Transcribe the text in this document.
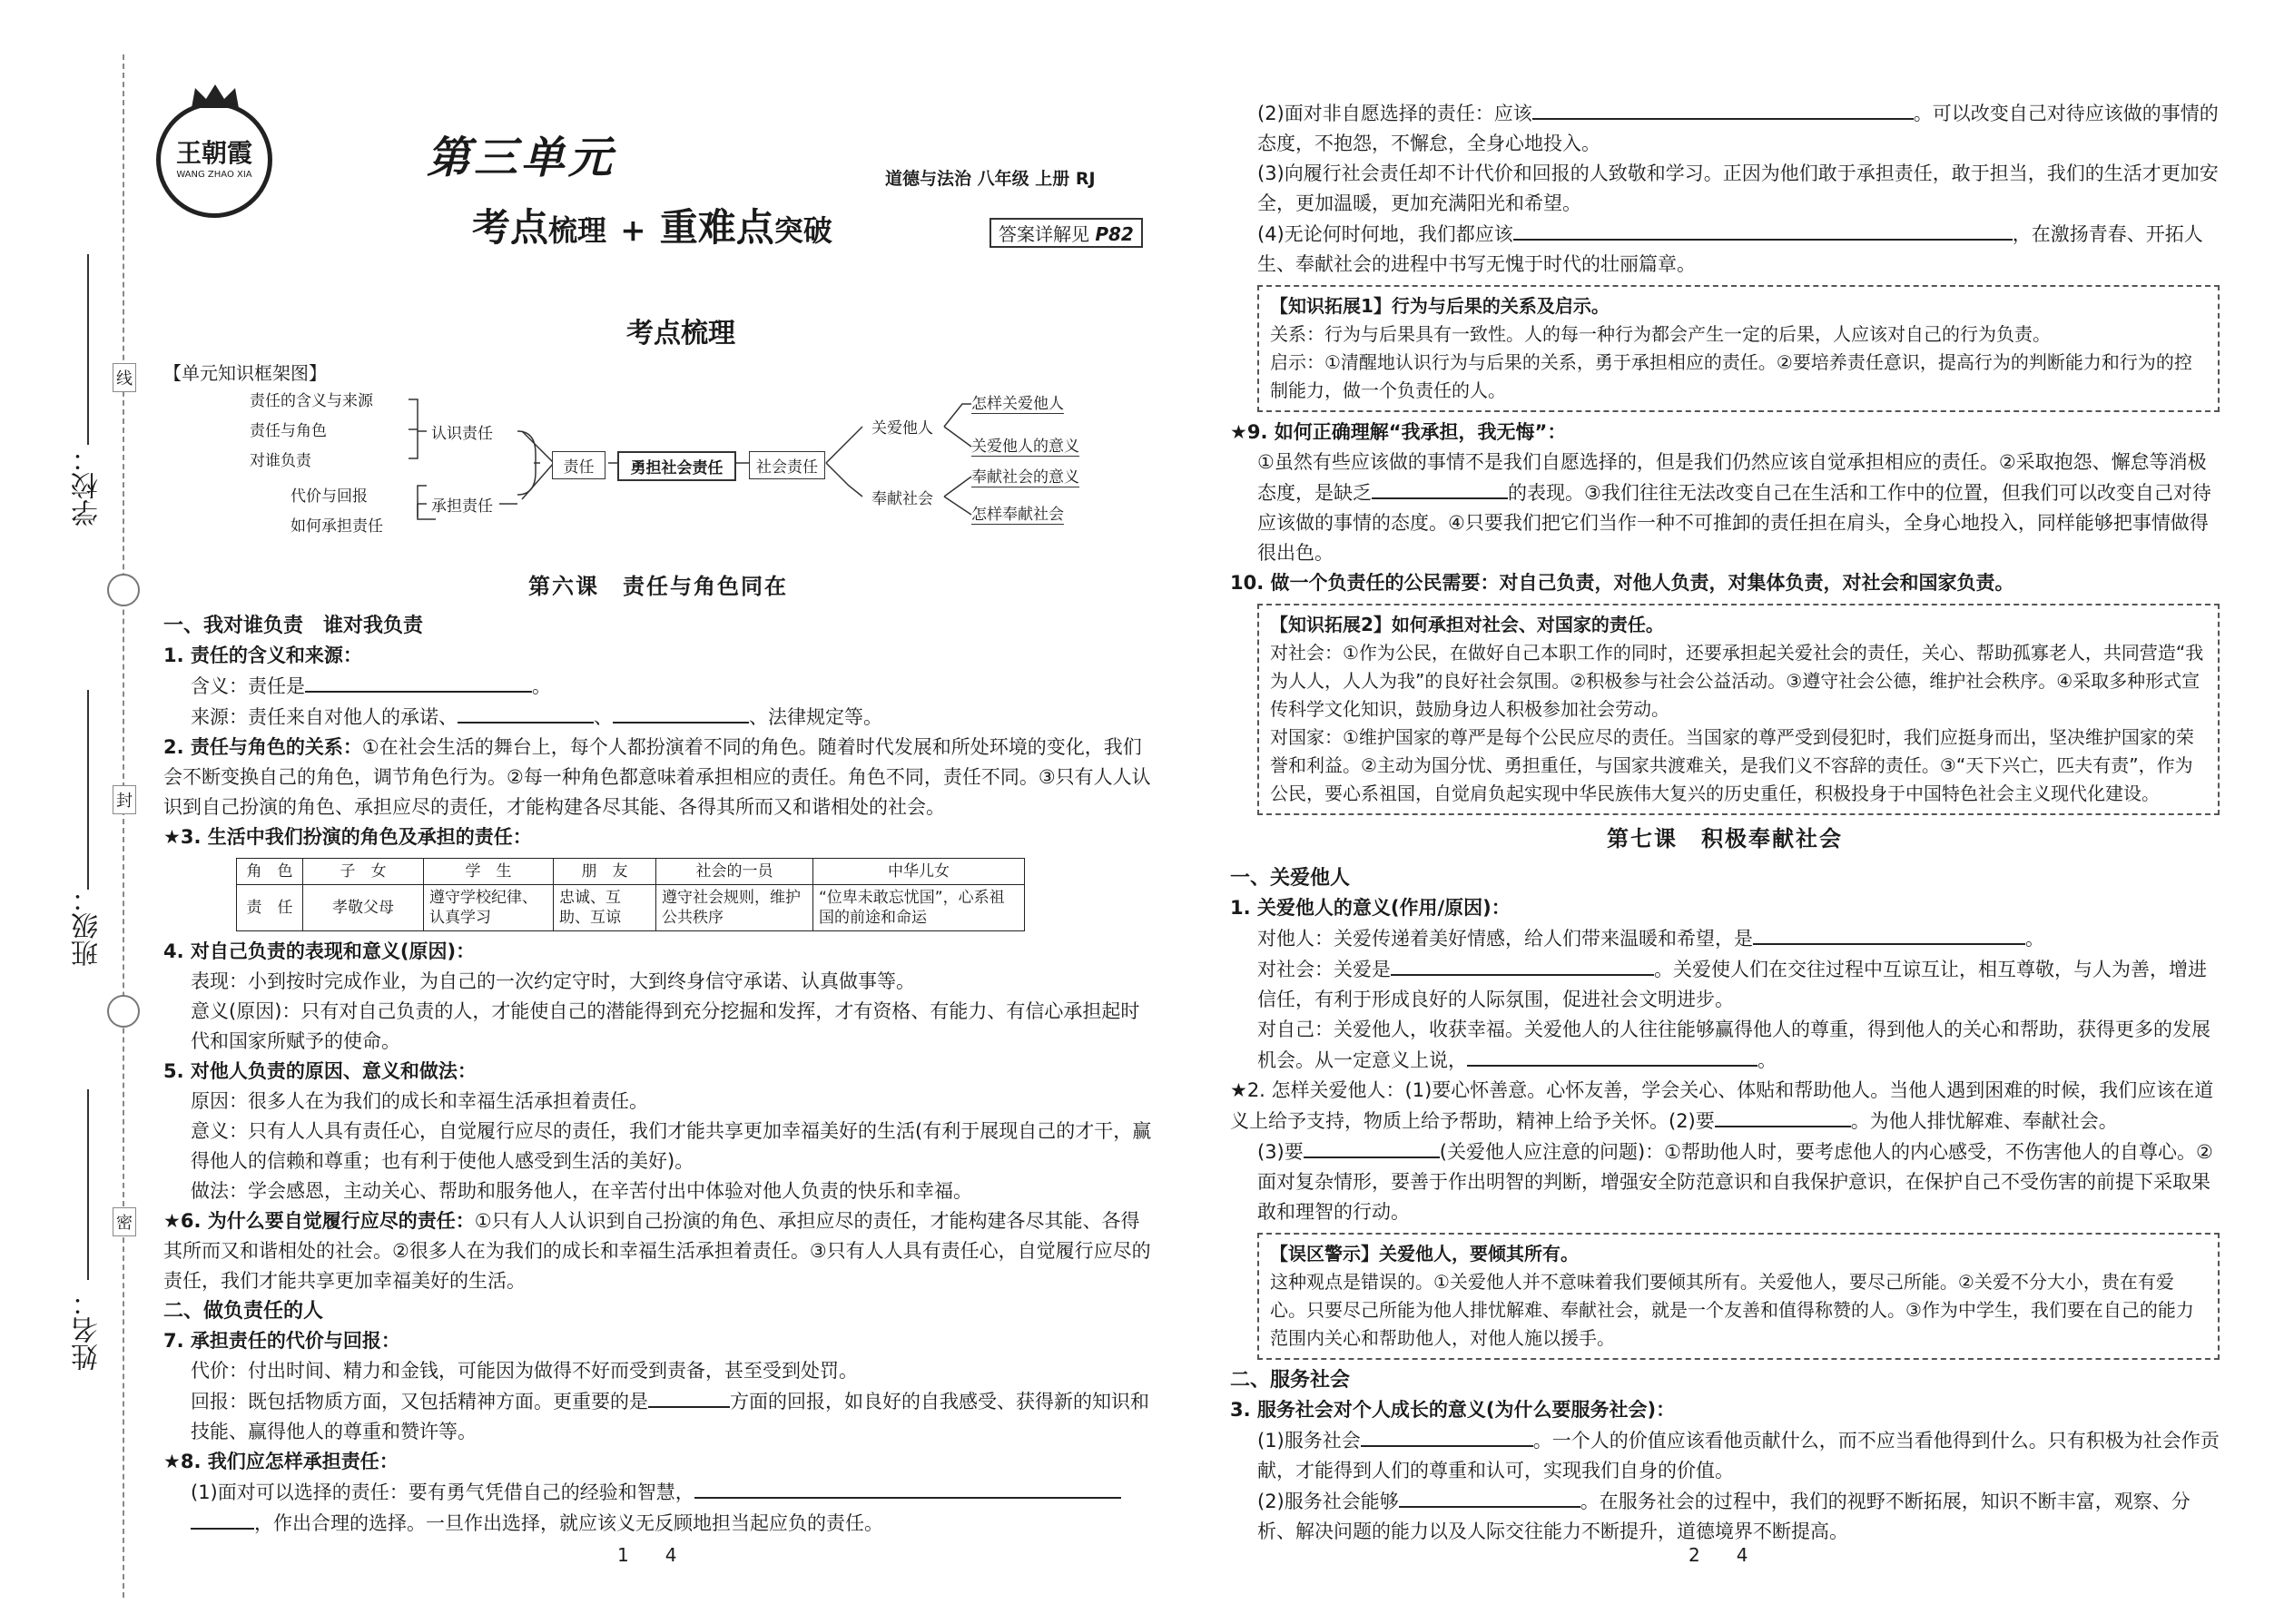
学校：
班级：
姓名：
线
封
密
王朝霞
WANG ZHAO XIA	第三单元	道德与法治 八年级 上册 RJ
考点梳理 + 重难点突破	答案详解见 P82
考点梳理
【单元知识框架图】
责任的含义与来源
责任与角色
对谁负责
代价与回报
如何承担责任
认识责任
承担责任
责任	勇担社会责任	社会责任
关爱他人
奉献社会
怎样关爱他人
关爱他人的意义
奉献社会的意义
怎样奉献社会
第六课　责任与角色同在
一、我对谁负责　谁对我负责
1. 责任的含义和来源：
含义：责任是	。
来源：责任来自对他人的承诺、	、	、法律规定等。
2. 责任与角色的关系：①在社会生活的舞台上，每个人都扮演着不同的角色。随着时代发展和所处环境的变化，我们会不断变换自己的角色，调节角色行为。②每一种角色都意味着承担相应的责任。角色不同，责任不同。③只有人人认识到自己扮演的角色、承担应尽的责任，才能构建各尽其能、各得其所而又和谐相处的社会。
★3. 生活中我们扮演的角色及承担的责任：
角　色	子　女	学　生	朋　友	社会的一员	中华儿女
责　任	孝敬父母	遵守学校纪律、认真学习	忠诚、互助、互谅	遵守社会规则，维护公共秩序	“位卑未敢忘忧国”，心系祖国的前途和命运
4. 对自己负责的表现和意义(原因)：
表现：小到按时完成作业，为自己的一次约定守时，大到终身信守承诺、认真做事等。
意义(原因)：只有对自己负责的人，才能使自己的潜能得到充分挖掘和发挥，才有资格、有能力、有信心承担起时代和国家所赋予的使命。
5. 对他人负责的原因、意义和做法：
原因：很多人在为我们的成长和幸福生活承担着责任。
意义：只有人人具有责任心，自觉履行应尽的责任，我们才能共享更加幸福美好的生活(有利于展现自己的才干，赢得他人的信赖和尊重；也有利于使他人感受到生活的美好)。
做法：学会感恩，主动关心、帮助和服务他人，在辛苦付出中体验对他人负责的快乐和幸福。
★6. 为什么要自觉履行应尽的责任：①只有人人认识到自己扮演的角色、承担应尽的责任，才能构建各尽其能、各得其所而又和谐相处的社会。②很多人在为我们的成长和幸福生活承担着责任。③只有人人具有责任心，自觉履行应尽的责任，我们才能共享更加幸福美好的生活。
二、做负责任的人
7. 承担责任的代价与回报：
代价：付出时间、精力和金钱，可能因为做得不好而受到责备，甚至受到处罚。
回报：既包括物质方面，又包括精神方面。更重要的是	方面的回报，如良好的自我感受、获得新的知识和技能、赢得他人的尊重和赞许等。
★8. 我们应怎样承担责任：
(1)面对可以选择的责任：要有勇气凭借自己的经验和智慧，
，作出合理的选择。一旦作出选择，就应该义无反顾地担当起应负的责任。
1　　4
(2)面对非自愿选择的责任：应该	。可以改变自己对待应该做的事情的态度，不抱怨，不懈怠，全身心地投入。
(3)向履行社会责任却不计代价和回报的人致敬和学习。正因为他们敢于承担责任，敢于担当，我们的生活才更加安全，更加温暖，更加充满阳光和希望。
(4)无论何时何地，我们都应该	，在激扬青春、开拓人生、奉献社会的进程中书写无愧于时代的壮丽篇章。
【知识拓展1】行为与后果的关系及启示。
关系：行为与后果具有一致性。人的每一种行为都会产生一定的后果，人应该对自己的行为负责。
启示：①清醒地认识行为与后果的关系，勇于承担相应的责任。②要培养责任意识，提高行为的判断能力和行为的控制能力，做一个负责任的人。
★9. 如何正确理解“我承担，我无悔”：
①虽然有些应该做的事情不是我们自愿选择的，但是我们仍然应该自觉承担相应的责任。②采取抱怨、懈怠等消极态度，是缺乏	的表现。③我们往往无法改变自己在生活和工作中的位置，但我们可以改变自己对待应该做的事情的态度。④只要我们把它们当作一种不可推卸的责任担在肩头，全身心地投入，同样能够把事情做得很出色。
10. 做一个负责任的公民需要：对自己负责，对他人负责，对集体负责，对社会和国家负责。
【知识拓展2】如何承担对社会、对国家的责任。
对社会：①作为公民，在做好自己本职工作的同时，还要承担起关爱社会的责任，关心、帮助孤寡老人，共同营造“我为人人，人人为我”的良好社会氛围。②积极参与社会公益活动。③遵守社会公德，维护社会秩序。④采取多种形式宣传科学文化知识，鼓励身边人积极参加社会劳动。
对国家：①维护国家的尊严是每个公民应尽的责任。当国家的尊严受到侵犯时，我们应挺身而出，坚决维护国家的荣誉和利益。②主动为国分忧、勇担重任，与国家共渡难关，是我们义不容辞的责任。③“天下兴亡，匹夫有责”，作为公民，要心系祖国，自觉肩负起实现中华民族伟大复兴的历史重任，积极投身于中国特色社会主义现代化建设。
第七课　积极奉献社会
一、关爱他人
1. 关爱他人的意义(作用/原因)：
对他人：关爱传递着美好情感，给人们带来温暖和希望，是	。
对社会：关爱是	。关爱使人们在交往过程中互谅互让，相互尊敬，与人为善，增进信任，有利于形成良好的人际氛围，促进社会文明进步。
对自己：关爱他人，收获幸福。关爱他人的人往往能够赢得他人的尊重，得到他人的关心和帮助，获得更多的发展机会。从一定意义上说，	。
★2. 怎样关爱他人：(1)要心怀善意。心怀友善，学会关心、体贴和帮助他人。当他人遇到困难的时候，我们应该在道义上给予支持，物质上给予帮助，精神上给予关怀。(2)要	。为他人排忧解难、奉献社会。
(3)要	(关爱他人应注意的问题)：①帮助他人时，要考虑他人的内心感受，不伤害他人的自尊心。②面对复杂情形，要善于作出明智的判断，增强安全防范意识和自我保护意识，在保护自己不受伤害的前提下采取果敢和理智的行动。
【误区警示】关爱他人，要倾其所有。
这种观点是错误的。①关爱他人并不意味着我们要倾其所有。关爱他人，要尽己所能。②关爱不分大小，贵在有爱心。只要尽己所能为他人排忧解难、奉献社会，就是一个友善和值得称赞的人。③作为中学生，我们要在自己的能力范围内关心和帮助他人，对他人施以援手。
二、服务社会
3. 服务社会对个人成长的意义(为什么要服务社会)：
(1)服务社会	。一个人的价值应该看他贡献什么，而不应当看他得到什么。只有积极为社会作贡献，才能得到人们的尊重和认可，实现我们自身的价值。
(2)服务社会能够	。在服务社会的过程中，我们的视野不断拓展，知识不断丰富，观察、分析、解决问题的能力以及人际交往能力不断提升，道德境界不断提高。
2　　4
